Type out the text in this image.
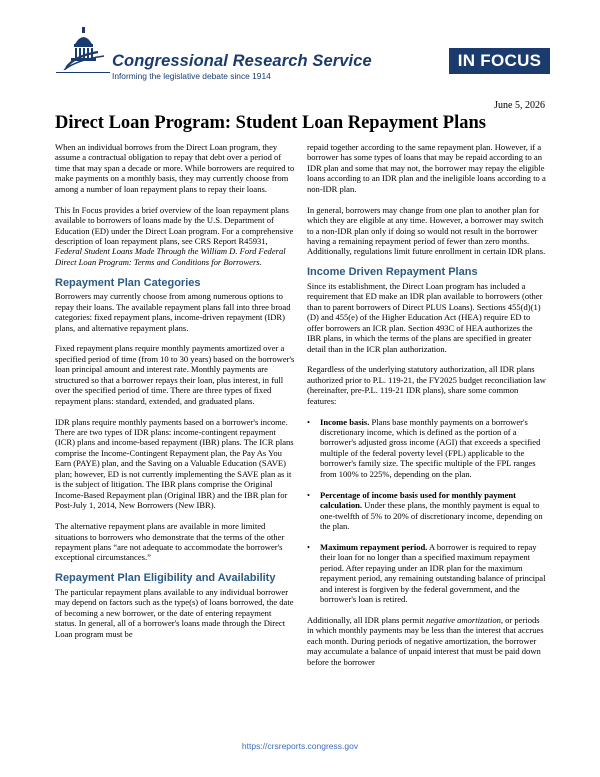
Congressional Research Service
Informing the legislative debate since 1914
IN FOCUS
June 5, 2026
Direct Loan Program: Student Loan Repayment Plans

When an individual borrows from the Direct Loan program, they assume a contractual obligation to repay that debt over a period of time that may span a decade or more. While borrowers are required to make payments on a monthly basis, they may currently choose from among a number of loan repayment plans to repay their loans.

This In Focus provides a brief overview of the loan repayment plans available to borrowers of loans made by the U.S. Department of Education (ED) under the Direct Loan program. For a comprehensive description of loan repayment plans, see CRS Report R45931, Federal Student Loans Made Through the William D. Ford Federal Direct Loan Program: Terms and Conditions for Borrowers.

Repayment Plan Categories

Borrowers may currently choose from among numerous options to repay their loans. The available repayment plans fall into three broad categories: fixed repayment plans, income-driven repayment (IDR) plans, and alternative repayment plans.

Fixed repayment plans require monthly payments amortized over a specified period of time (from 10 to 30 years) based on the borrower's loan principal amount and interest rate. Monthly payments are structured so that a borrower repays their loan, plus interest, in full over the specified period of time. There are three types of fixed repayment plans: standard, extended, and graduated plans.

IDR plans require monthly payments based on a borrower's income. There are two types of IDR plans: income-contingent repayment (ICR) plans and income-based repayment (IBR) plans. The ICR plans comprise the Income-Contingent Repayment plan, the Pay As You Earn (PAYE) plan, and the Saving on a Valuable Education (SAVE) plan; however, ED is not currently implementing the SAVE plan as it is the subject of litigation. The IBR plans comprise the Original Income-Based Repayment plan (Original IBR) and the IBR plan for Post-July 1, 2014, New Borrowers (New IBR).

The alternative repayment plans are available in more limited situations to borrowers who demonstrate that the terms of the other repayment plans “are not adequate to accommodate the borrower's exceptional circumstances.”

Repayment Plan Eligibility and Availability

The particular repayment plans available to any individual borrower may depend on factors such as the type(s) of loans borrowed, the date of becoming a new borrower, or the date of entering repayment status. In general, all of a borrower's loans made through the Direct Loan program must be

repaid together according to the same repayment plan. However, if a borrower has some types of loans that may be repaid according to an IDR plan and some that may not, the borrower may repay the eligible loans according to an IDR plan and the ineligible loans according to a non-IDR plan.

In general, borrowers may change from one plan to another plan for which they are eligible at any time. However, a borrower may switch to a non-IDR plan only if doing so would not result in the borrower having a remaining repayment period of fewer than zero months. Additionally, regulations limit future enrollment in certain IDR plans.

Income Driven Repayment Plans

Since its establishment, the Direct Loan program has included a requirement that ED make an IDR plan available to borrowers (other than to parent borrowers of Direct PLUS Loans). Sections 455(d)(1)(D) and 455(e) of the Higher Education Act (HEA) require ED to offer borrowers an ICR plan. Section 493C of HEA authorizes the IBR plans, in which the terms of the plans are specified in greater detail than in the ICR plan authorization.

Regardless of the underlying statutory authorization, all IDR plans authorized prior to P.L. 119-21, the FY2025 budget reconciliation law (hereinafter, pre-P.L. 119-21 IDR plans), share some common features:

• Income basis. Plans base monthly payments on a borrower's discretionary income, which is defined as the portion of a borrower's adjusted gross income (AGI) that exceeds a specified multiple of the federal poverty level (FPL) applicable to the borrower's family size. The specific multiple of the FPL ranges from 100% to 225%, depending on the plan.
• Percentage of income basis used for monthly payment calculation. Under these plans, the monthly payment is equal to one-twelfth of 5% to 20% of discretionary income, depending on the plan.
• Maximum repayment period. A borrower is required to repay their loan for no longer than a specified maximum repayment period. After repaying under an IDR plan for the maximum repayment period, any remaining outstanding balance of principal and interest is forgiven by the federal government, and the borrower's loan is retired.

Additionally, all IDR plans permit negative amortization, or periods in which monthly payments may be less than the interest that accrues each month. During periods of negative amortization, the borrower may accumulate a balance of unpaid interest that must be paid down before the borrower

https://crsreports.congress.gov
